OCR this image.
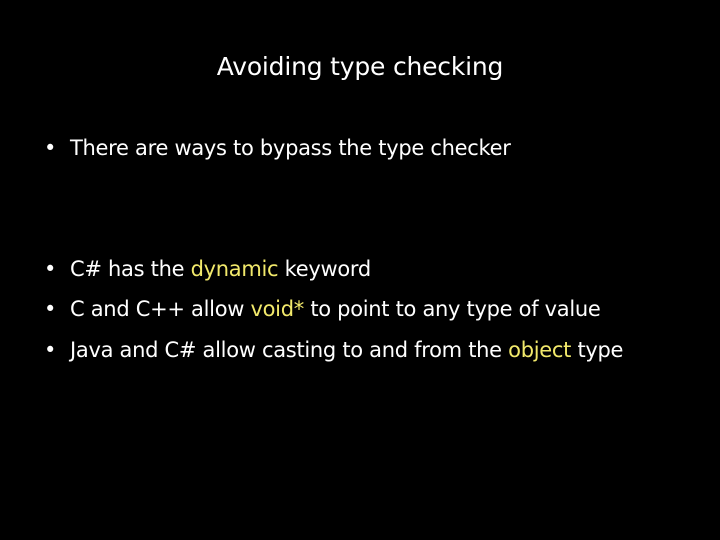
Avoiding type checking
• There are ways to bypass the type checker
• C# has the dynamic keyword
• C and C++ allow void* to point to any type of value
• Java and C# allow casting to and from the object type
